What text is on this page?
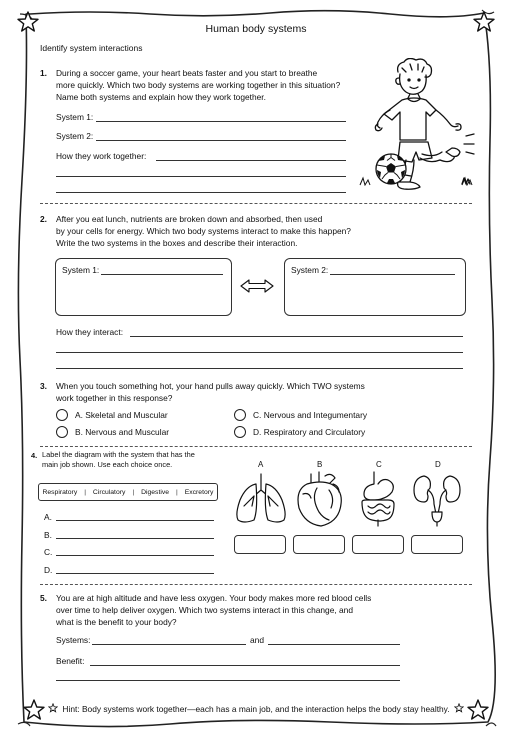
Human body systems
Identify system interactions
1. During a soccer game, your heart beats faster and you start to breathe
more quickly. Which two body systems are working together in this situation?
Name both systems and explain how they work together.
System 1:
System 2:
How they work together:
2. After you eat lunch, nutrients are broken down and absorbed, then used
by your cells for energy. Which two body systems interact to make this happen?
Write the two systems in the boxes and describe their interaction.
System 1:	System 2:
How they interact:
3. When you touch something hot, your hand pulls away quickly. Which TWO systems
work together in this response?
A. Skeletal and Muscular
B. Nervous and Muscular
C. Nervous and Integumentary
D. Respiratory and Circulatory
4. Label the diagram with the system that has the
main job shown. Use each choice once.
Respiratory | Circulatory | Digestive | Excretory
A.
B.
C.
D.
A	B	C	D
5. You are at high altitude and have less oxygen. Your body makes more red blood cells
over time to help deliver oxygen. Which two systems interact in this change, and
what is the benefit to your body?
Systems:	and
Benefit:
Hint: Body systems work together—each has a main job, and the interaction helps the body stay healthy.
